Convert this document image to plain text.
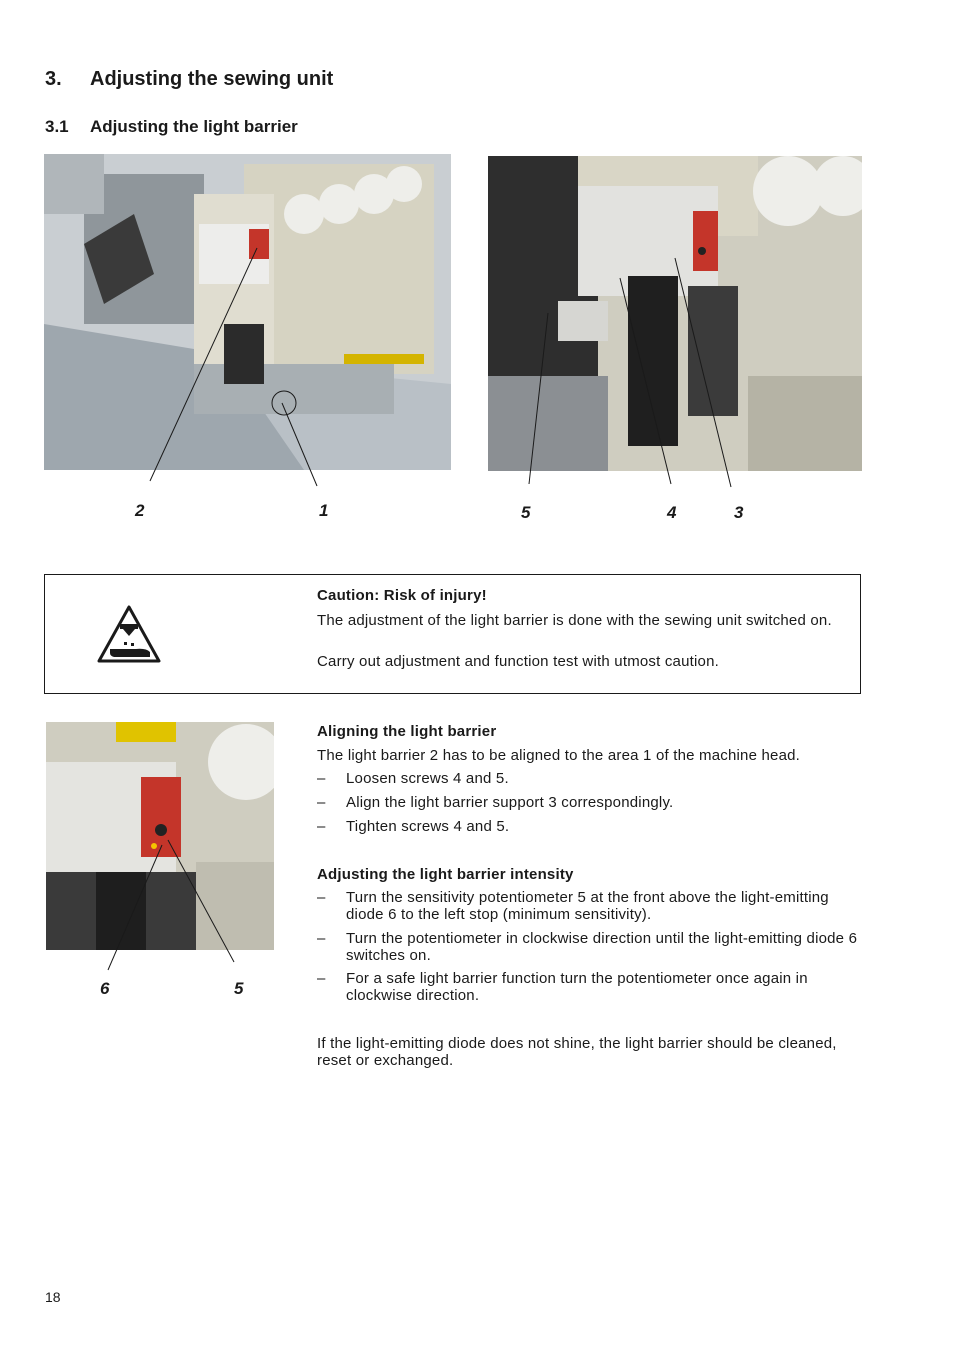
3. Adjusting the sewing unit
3.1 Adjusting the light barrier
2	1	5	4	3
6	5
Caution: Risk of injury!
The adjustment of the light barrier is done with the sewing unit switched on.
Carry out adjustment and function test with utmost caution.
Aligning the light barrier
The light barrier 2 has to be aligned to the area 1 of the machine head.
– Loosen screws 4 and 5.
– Align the light barrier support 3 correspondingly.
– Tighten screws 4 and 5.
Adjusting the light barrier intensity
– Turn the sensitivity potentiometer 5 at the front above the light-emitting diode 6 to the left stop (minimum sensitivity).
– Turn the potentiometer in clockwise direction until the light-emitting diode 6 switches on.
– For a safe light barrier function turn the potentiometer once again in clockwise direction.
If the light-emitting diode does not shine, the light barrier should be cleaned, reset or exchanged.
18
